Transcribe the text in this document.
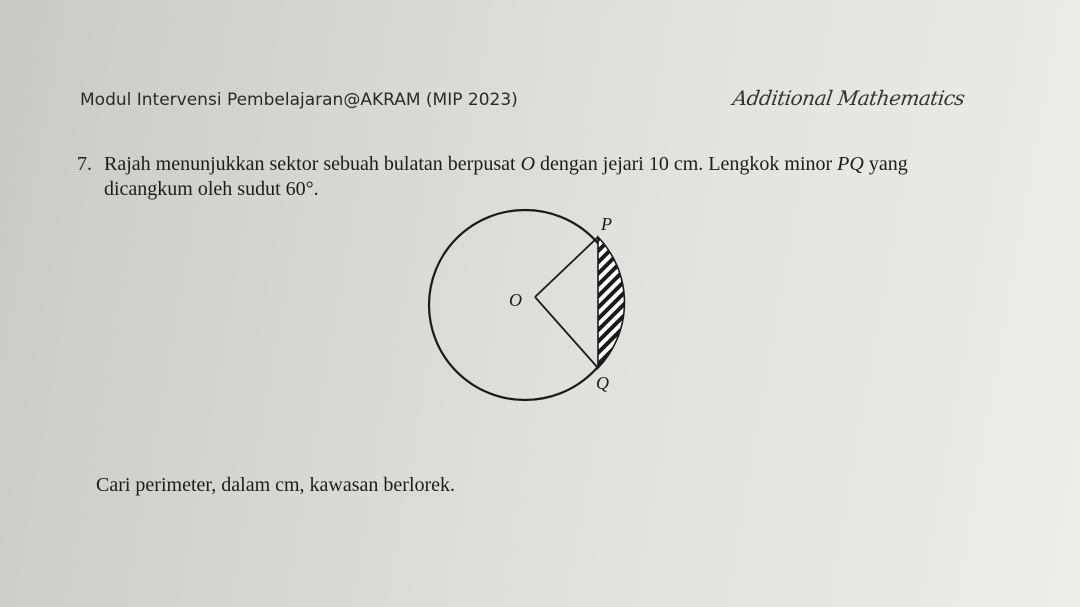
Modul Intervensi Pembelajaran@AKRAM (MIP 2023)	Additional Mathematics
7. Rajah menunjukkan sektor sebuah bulatan berpusat O dengan jejari 10 cm. Lengkok minor PQ yang
dicangkum oleh sudut 60°.
P
O
Q
Cari perimeter, dalam cm, kawasan berlorek.
